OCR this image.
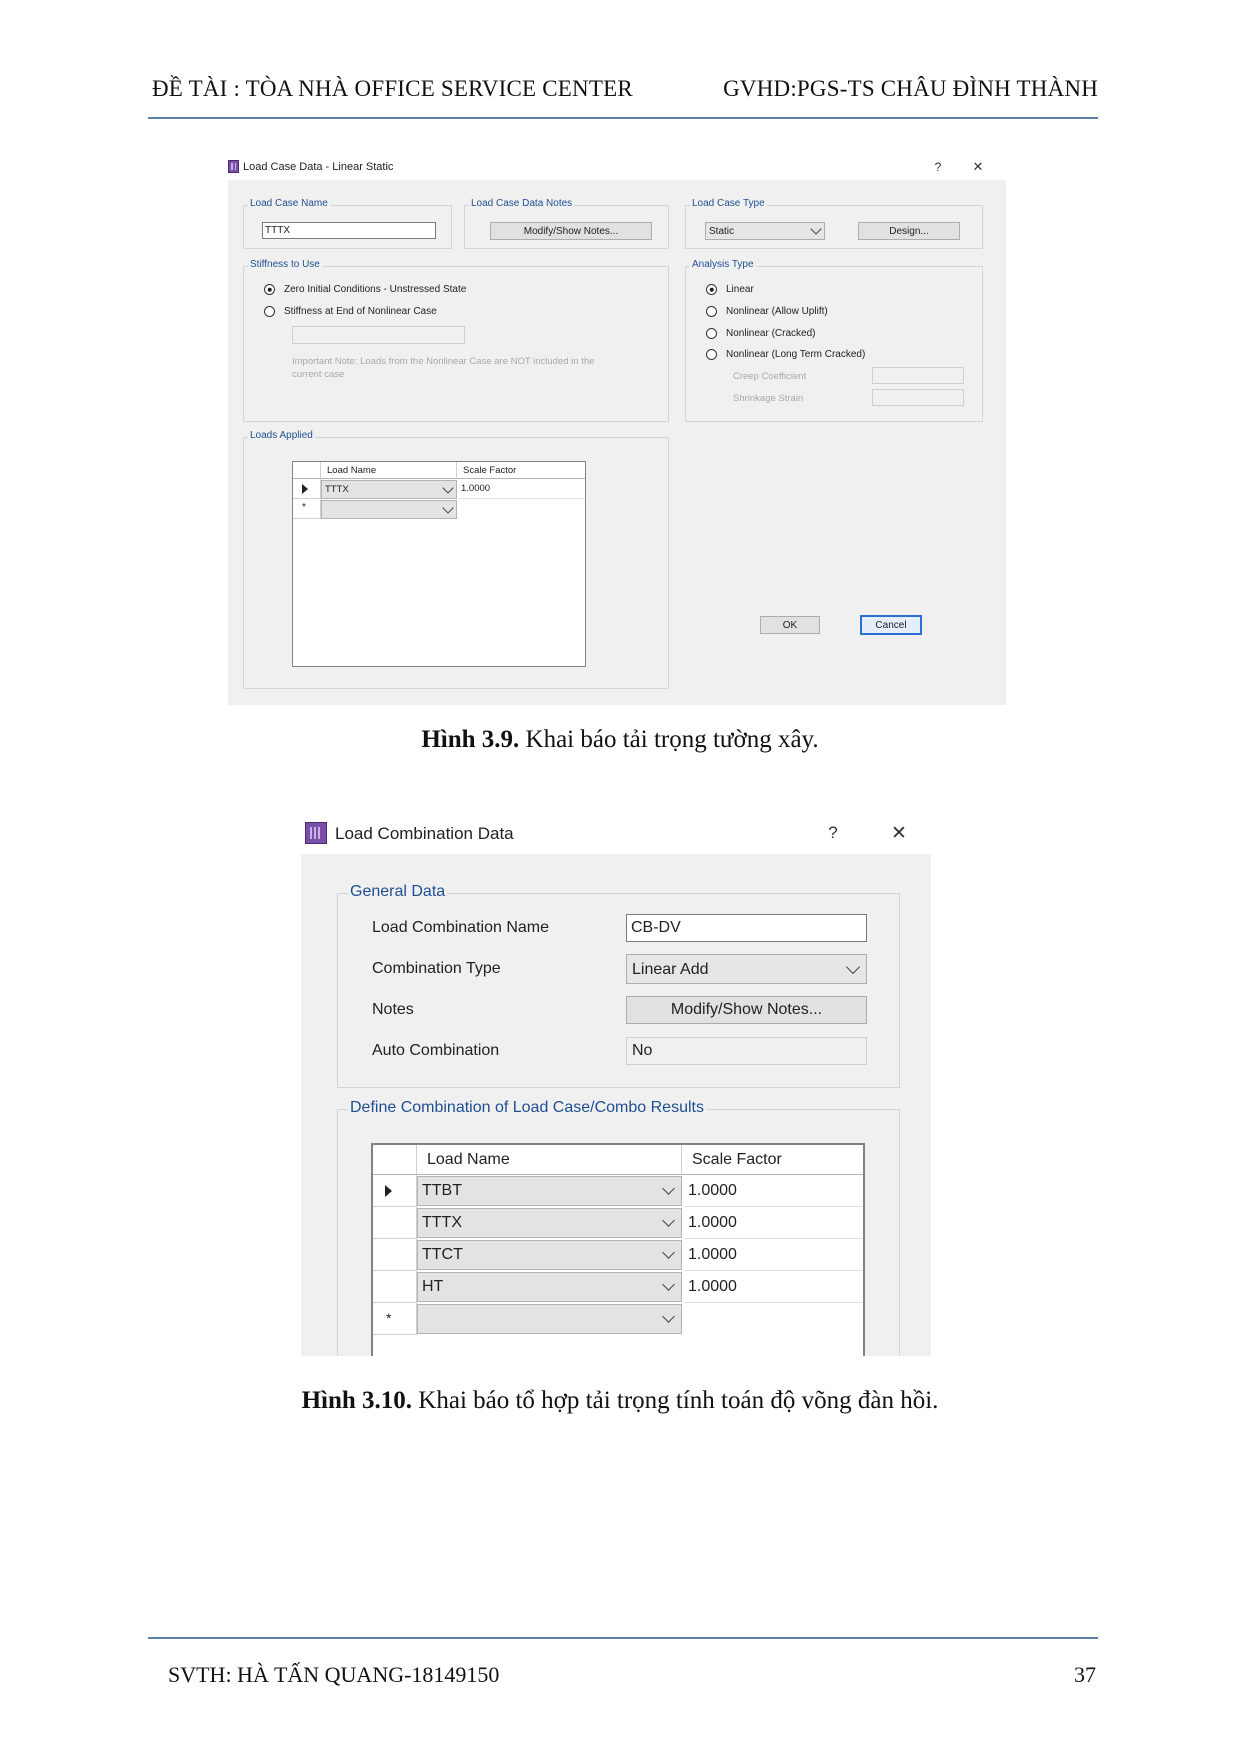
ĐỀ TÀI : TÒA NHÀ OFFICE SERVICE CENTER	GVHD:PGS-TS CHÂU ĐÌNH THÀNH
Load Case Data - Linear Static	?	✕
Load Case Name
TTTX
Load Case Data Notes
Modify/Show Notes...
Load Case Type
Static	Design...
Stiffness to Use
Zero Initial Conditions - Unstressed State
Stiffness at End of Nonlinear Case
Important Note: Loads from the Nonlinear Case are NOT included in the
current case
Analysis Type
Linear
Nonlinear (Allow Uplift)
Nonlinear (Cracked)
Nonlinear (Long Term Cracked)
Creep Coefficient
Shrinkage Strain
Loads Applied
Load Name	Scale Factor
TTTX	1.0000
*
OK	Cancel
Hình 3.9. Khai báo tải trọng tường xây.
Load Combination Data	?	✕
General Data
Load Combination Name	CB-DV
Combination Type	Linear Add
Notes	Modify/Show Notes...
Auto Combination	No
Define Combination of Load Case/Combo Results
Load Name	Scale Factor
TTBT	1.0000
TTTX	1.0000
TTCT	1.0000
HT	1.0000
*
Hình 3.10. Khai báo tổ hợp tải trọng tính toán độ võng đàn hồi.
SVTH: HÀ TẤN QUANG-18149150	37
